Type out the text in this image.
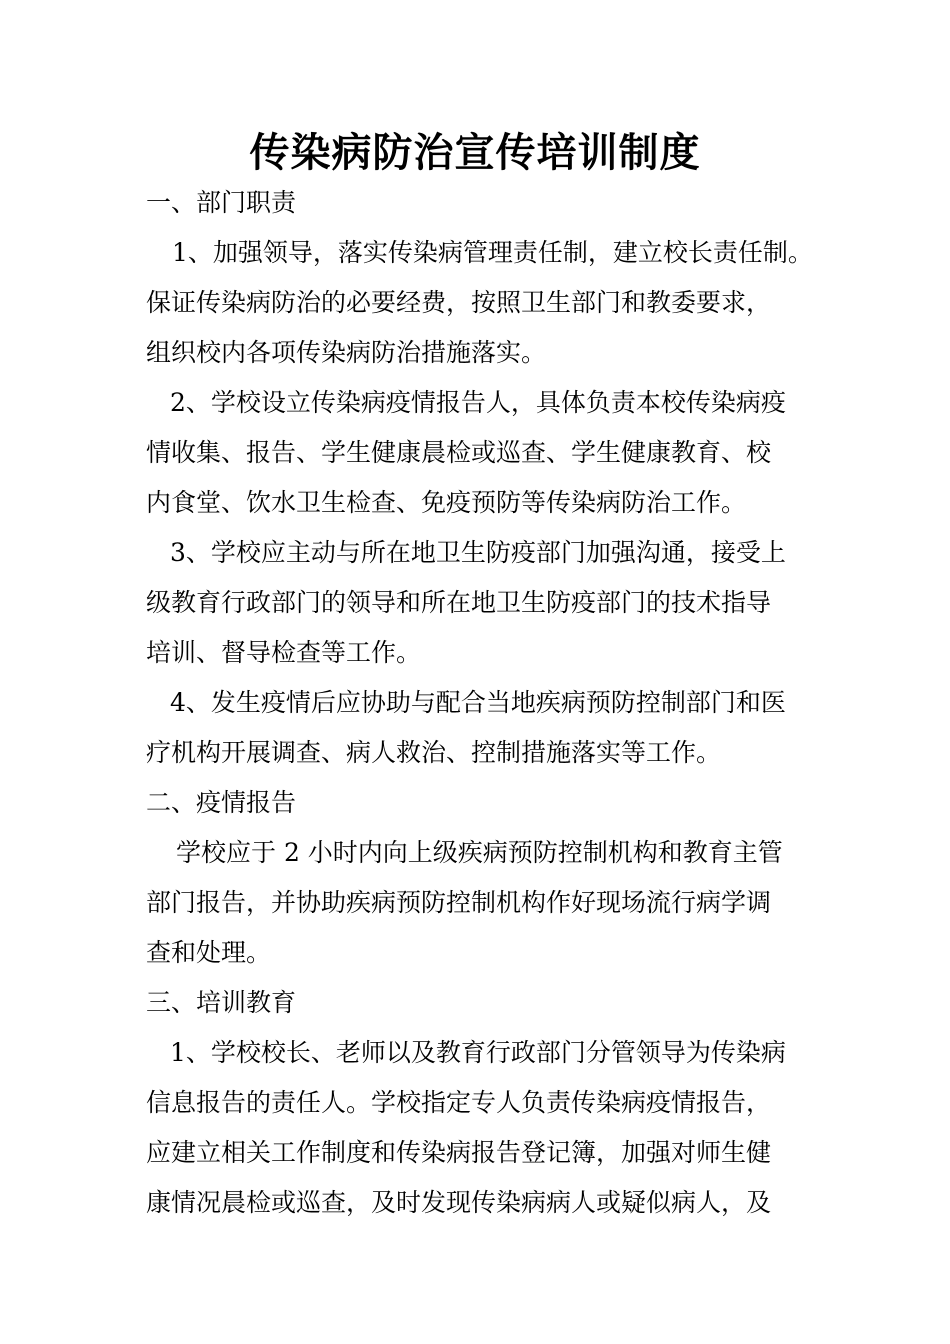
传染病防治宣传培训制度

一、部门职责

1、加强领导，落实传染病管理责任制，建立校长责任制。

保证传染病防治的必要经费，按照卫生部门和教委要求，

组织校内各项传染病防治措施落实。

2、学校设立传染病疫情报告人，具体负责本校传染病疫

情收集、报告、学生健康晨检或巡查、学生健康教育、校

内食堂、饮水卫生检查、免疫预防等传染病防治工作。

3、学校应主动与所在地卫生防疫部门加强沟通，接受上

级教育行政部门的领导和所在地卫生防疫部门的技术指导

培训、督导检查等工作。

4、发生疫情后应协助与配合当地疾病预防控制部门和医

疗机构开展调查、病人救治、控制措施落实等工作。

二、疫情报告

学校应于 2 小时内向上级疾病预防控制机构和教育主管

部门报告，并协助疾病预防控制机构作好现场流行病学调

查和处理。

三、培训教育

1、学校校长、老师以及教育行政部门分管领导为传染病

信息报告的责任人。学校指定专人负责传染病疫情报告，

应建立相关工作制度和传染病报告登记簿，加强对师生健

康情况晨检或巡查，及时发现传染病病人或疑似病人，及
